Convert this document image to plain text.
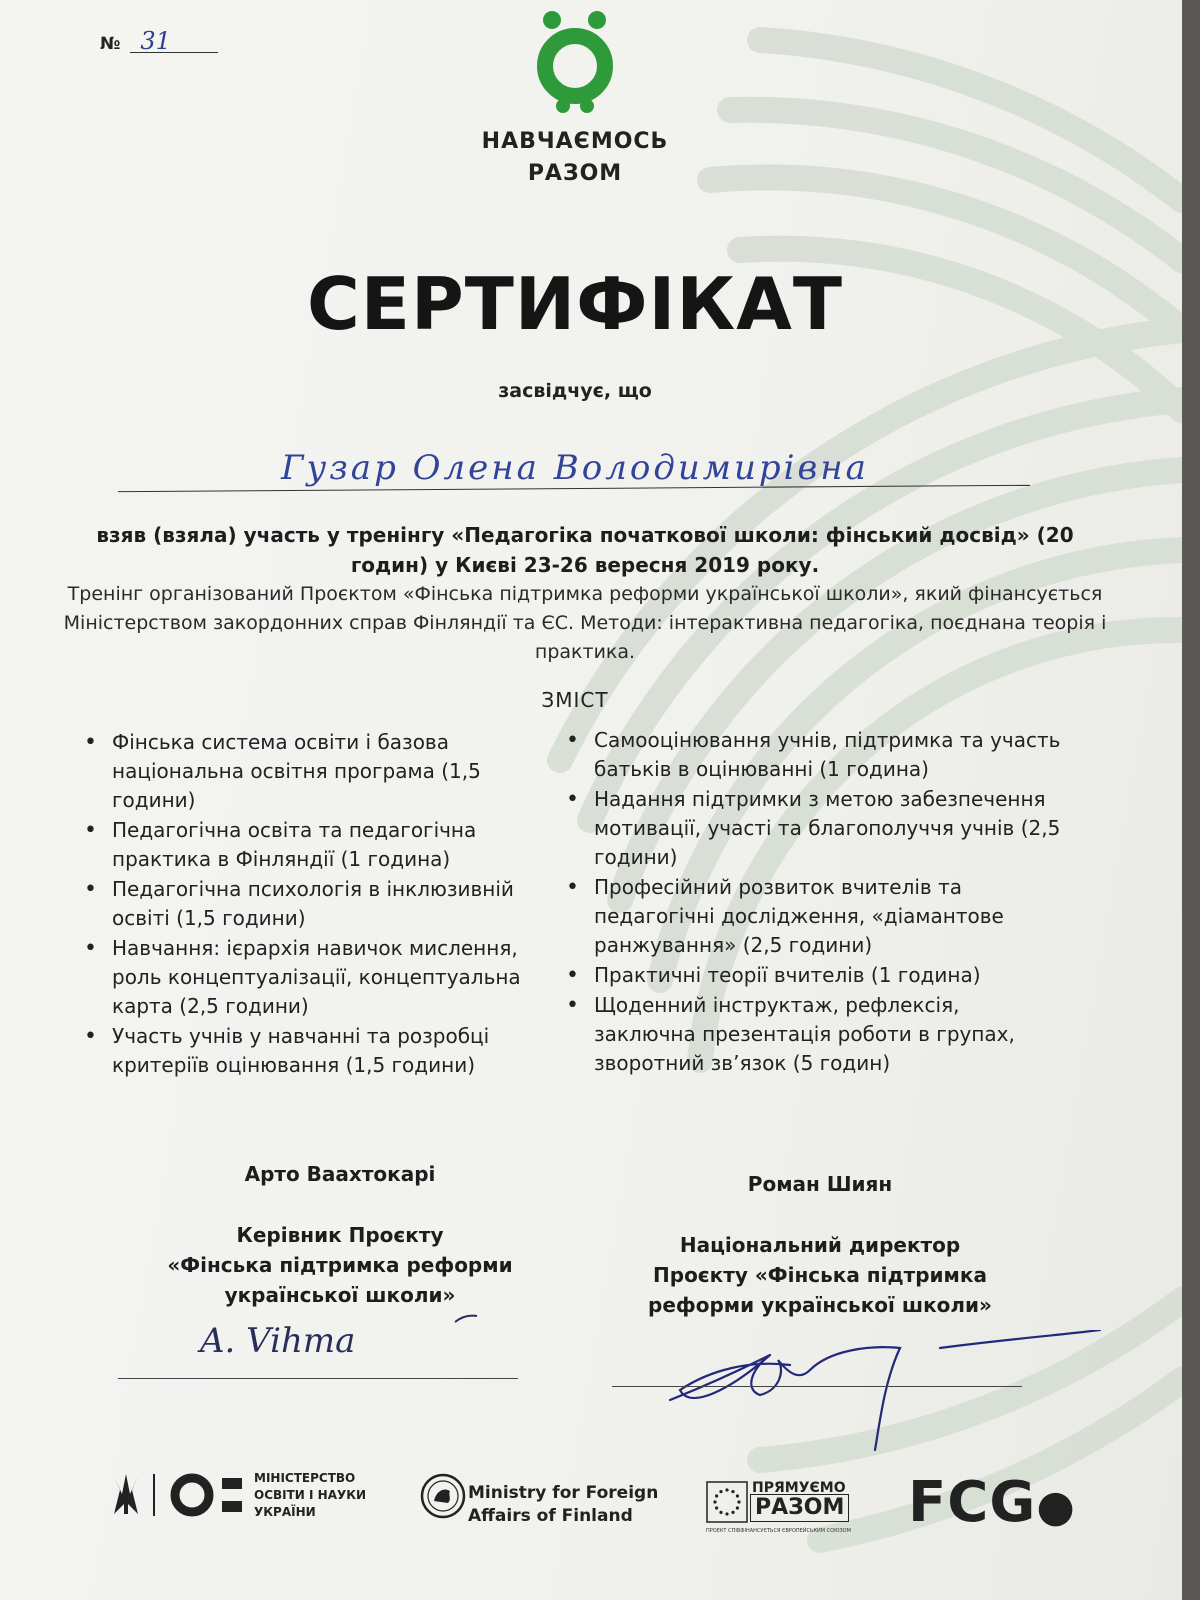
№ 31
НАВЧАЄМОСЬ
РАЗОМ
СЕРТИФІКАТ
засвідчує, що
Гузар Олена Володимирівна
взяв (взяла) участь у тренінгу «Педагогіка початкової школи: фінський досвід» (20 годин) у Києві 23-26 вересня 2019 року.
Тренінг організований Проєктом «Фінська підтримка реформи української школи», який фінансується Міністерством закордонних справ Фінляндії та ЄС. Методи: інтерактивна педагогіка, поєднана теорія і практика.
ЗМІСТ
• Фінська система освіти і базова національна освітня програма (1,5 години)
• Педагогічна освіта та педагогічна практика в Фінляндії (1 година)
• Педагогічна психологія в інклюзивній освіті (1,5 години)
• Навчання: ієрархія навичок мислення, роль концептуалізації, концептуальна карта (2,5 години)
• Участь учнів у навчанні та розробці критеріїв оцінювання (1,5 години)
• Самооцінювання учнів, підтримка та участь батьків в оцінюванні (1 година)
• Надання підтримки з метою забезпечення мотивації, участі та благополуччя учнів (2,5 години)
• Професійний розвиток вчителів та педагогічні дослідження, «діамантове ранжування» (2,5 години)
• Практичні теорії вчителів (1 година)
• Щоденний інструктаж, рефлексія, заключна презентація роботи в групах, зворотний зв’язок (5 годин)
Арто Ваахтокарі
Керівник Проєкту
«Фінська підтримка реформи
української школи»
A. Vihma
Роман Шиян
Національний директор
Проєкту «Фінська підтримка
реформи української школи»
МІНІСТЕРСТВО
ОСВІТИ І НАУКИ
УКРАЇНИ
Ministry for Foreign
Affairs of Finland
ПРЯМУЄМО
РАЗОМ
ПРОЕКТ СПІВФІНАНСУЄТЬСЯ ЄВРОПЕЙСЬКИМ СОЮЗОМ FCG●
